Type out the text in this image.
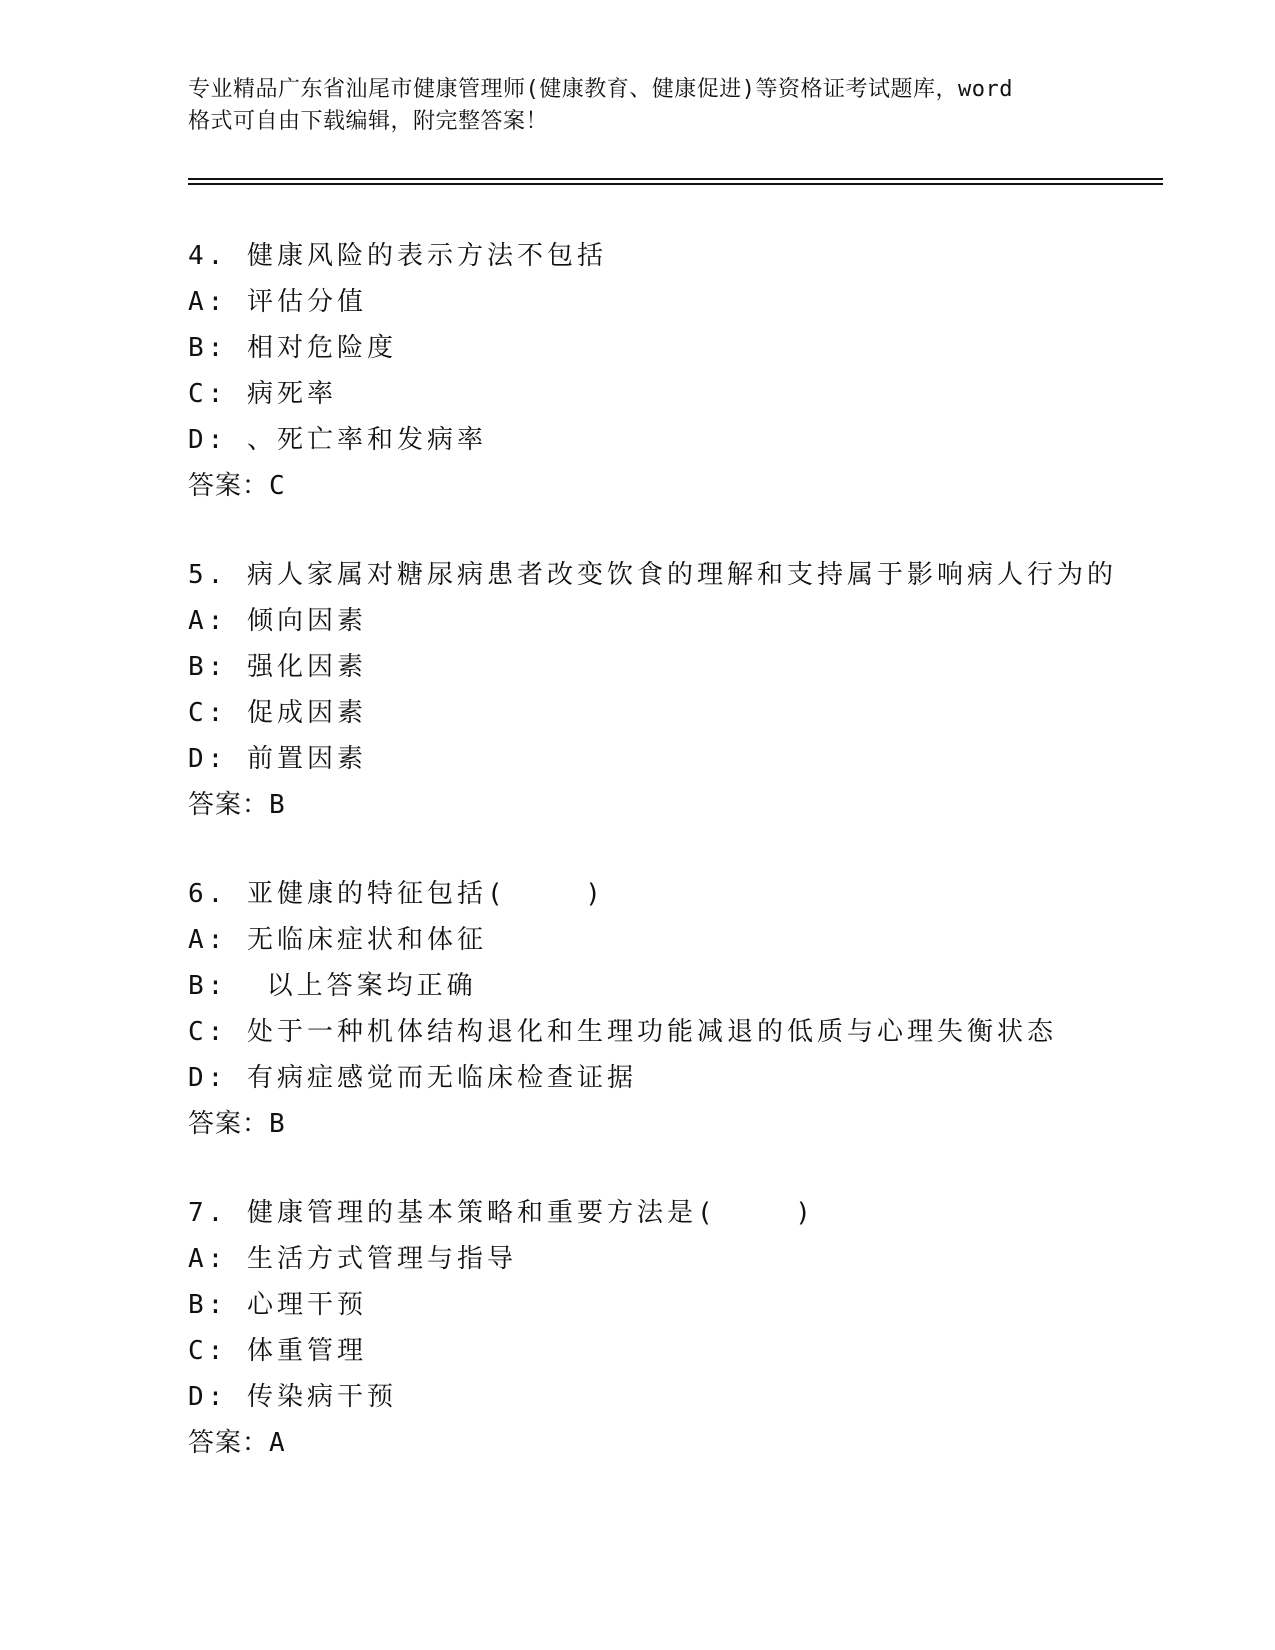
专业精品广东省汕尾市健康管理师(健康教育、健康促进)等资格证考试题库，word
格式可自由下载编辑，附完整答案！
4. 健康风险的表示方法不包括
A: 评估分值
B: 相对危险度
C: 病死率
D: 、死亡率和发病率
答案：C
5. 病人家属对糖尿病患者改变饮食的理解和支持属于影响病人行为的
A: 倾向因素
B: 强化因素
C: 促成因素
D: 前置因素
答案：B
6. 亚健康的特征包括(    )
A: 无临床症状和体征
B:  以上答案均正确
C: 处于一种机体结构退化和生理功能减退的低质与心理失衡状态
D: 有病症感觉而无临床检查证据
答案：B
7. 健康管理的基本策略和重要方法是(    )
A: 生活方式管理与指导
B: 心理干预
C: 体重管理
D: 传染病干预
答案：A
